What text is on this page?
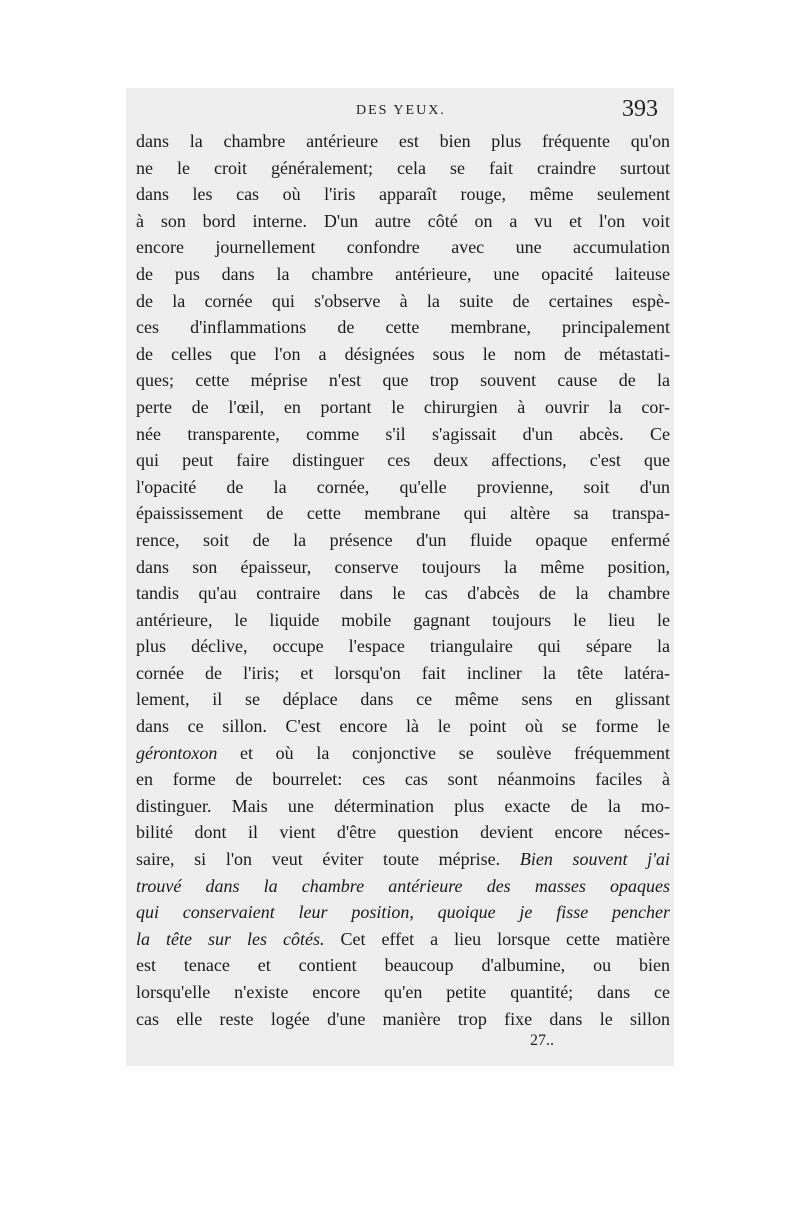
DES YEUX.	393
dans la chambre antérieure est bien plus fréquente qu'on
ne le croit généralement; cela se fait craindre surtout
dans les cas où l'iris apparaît rouge, même seulement
à son bord interne. D'un autre côté on a vu et l'on voit
encore journellement confondre avec une accumulation
de pus dans la chambre antérieure, une opacité laiteuse
de la cornée qui s'observe à la suite de certaines espè-
ces d'inflammations de cette membrane, principalement
de celles que l'on a désignées sous le nom de métastati-
ques; cette méprise n'est que trop souvent cause de la
perte de l'œil, en portant le chirurgien à ouvrir la cor-
née transparente, comme s'il s'agissait d'un abcès. Ce
qui peut faire distinguer ces deux affections, c'est que
l'opacité de la cornée, qu'elle provienne, soit d'un
épaississement de cette membrane qui altère sa transpa-
rence, soit de la présence d'un fluide opaque enfermé
dans son épaisseur, conserve toujours la même position,
tandis qu'au contraire dans le cas d'abcès de la chambre
antérieure, le liquide mobile gagnant toujours le lieu le
plus déclive, occupe l'espace triangulaire qui sépare la
cornée de l'iris; et lorsqu'on fait incliner la tête latéra-
lement, il se déplace dans ce même sens en glissant
dans ce sillon. C'est encore là le point où se forme le
gérontoxon et où la conjonctive se soulève fréquemment
en forme de bourrelet: ces cas sont néanmoins faciles à
distinguer. Mais une détermination plus exacte de la mo-
bilité dont il vient d'être question devient encore néces-
saire, si l'on veut éviter toute méprise. Bien souvent j'ai
trouvé dans la chambre antérieure des masses opaques
qui conservaient leur position, quoique je fisse pencher
la tête sur les côtés. Cet effet a lieu lorsque cette matière
est tenace et contient beaucoup d'albumine, ou bien
lorsqu'elle n'existe encore qu'en petite quantité; dans ce
cas elle reste logée d'une manière trop fixe dans le sillon
27..
